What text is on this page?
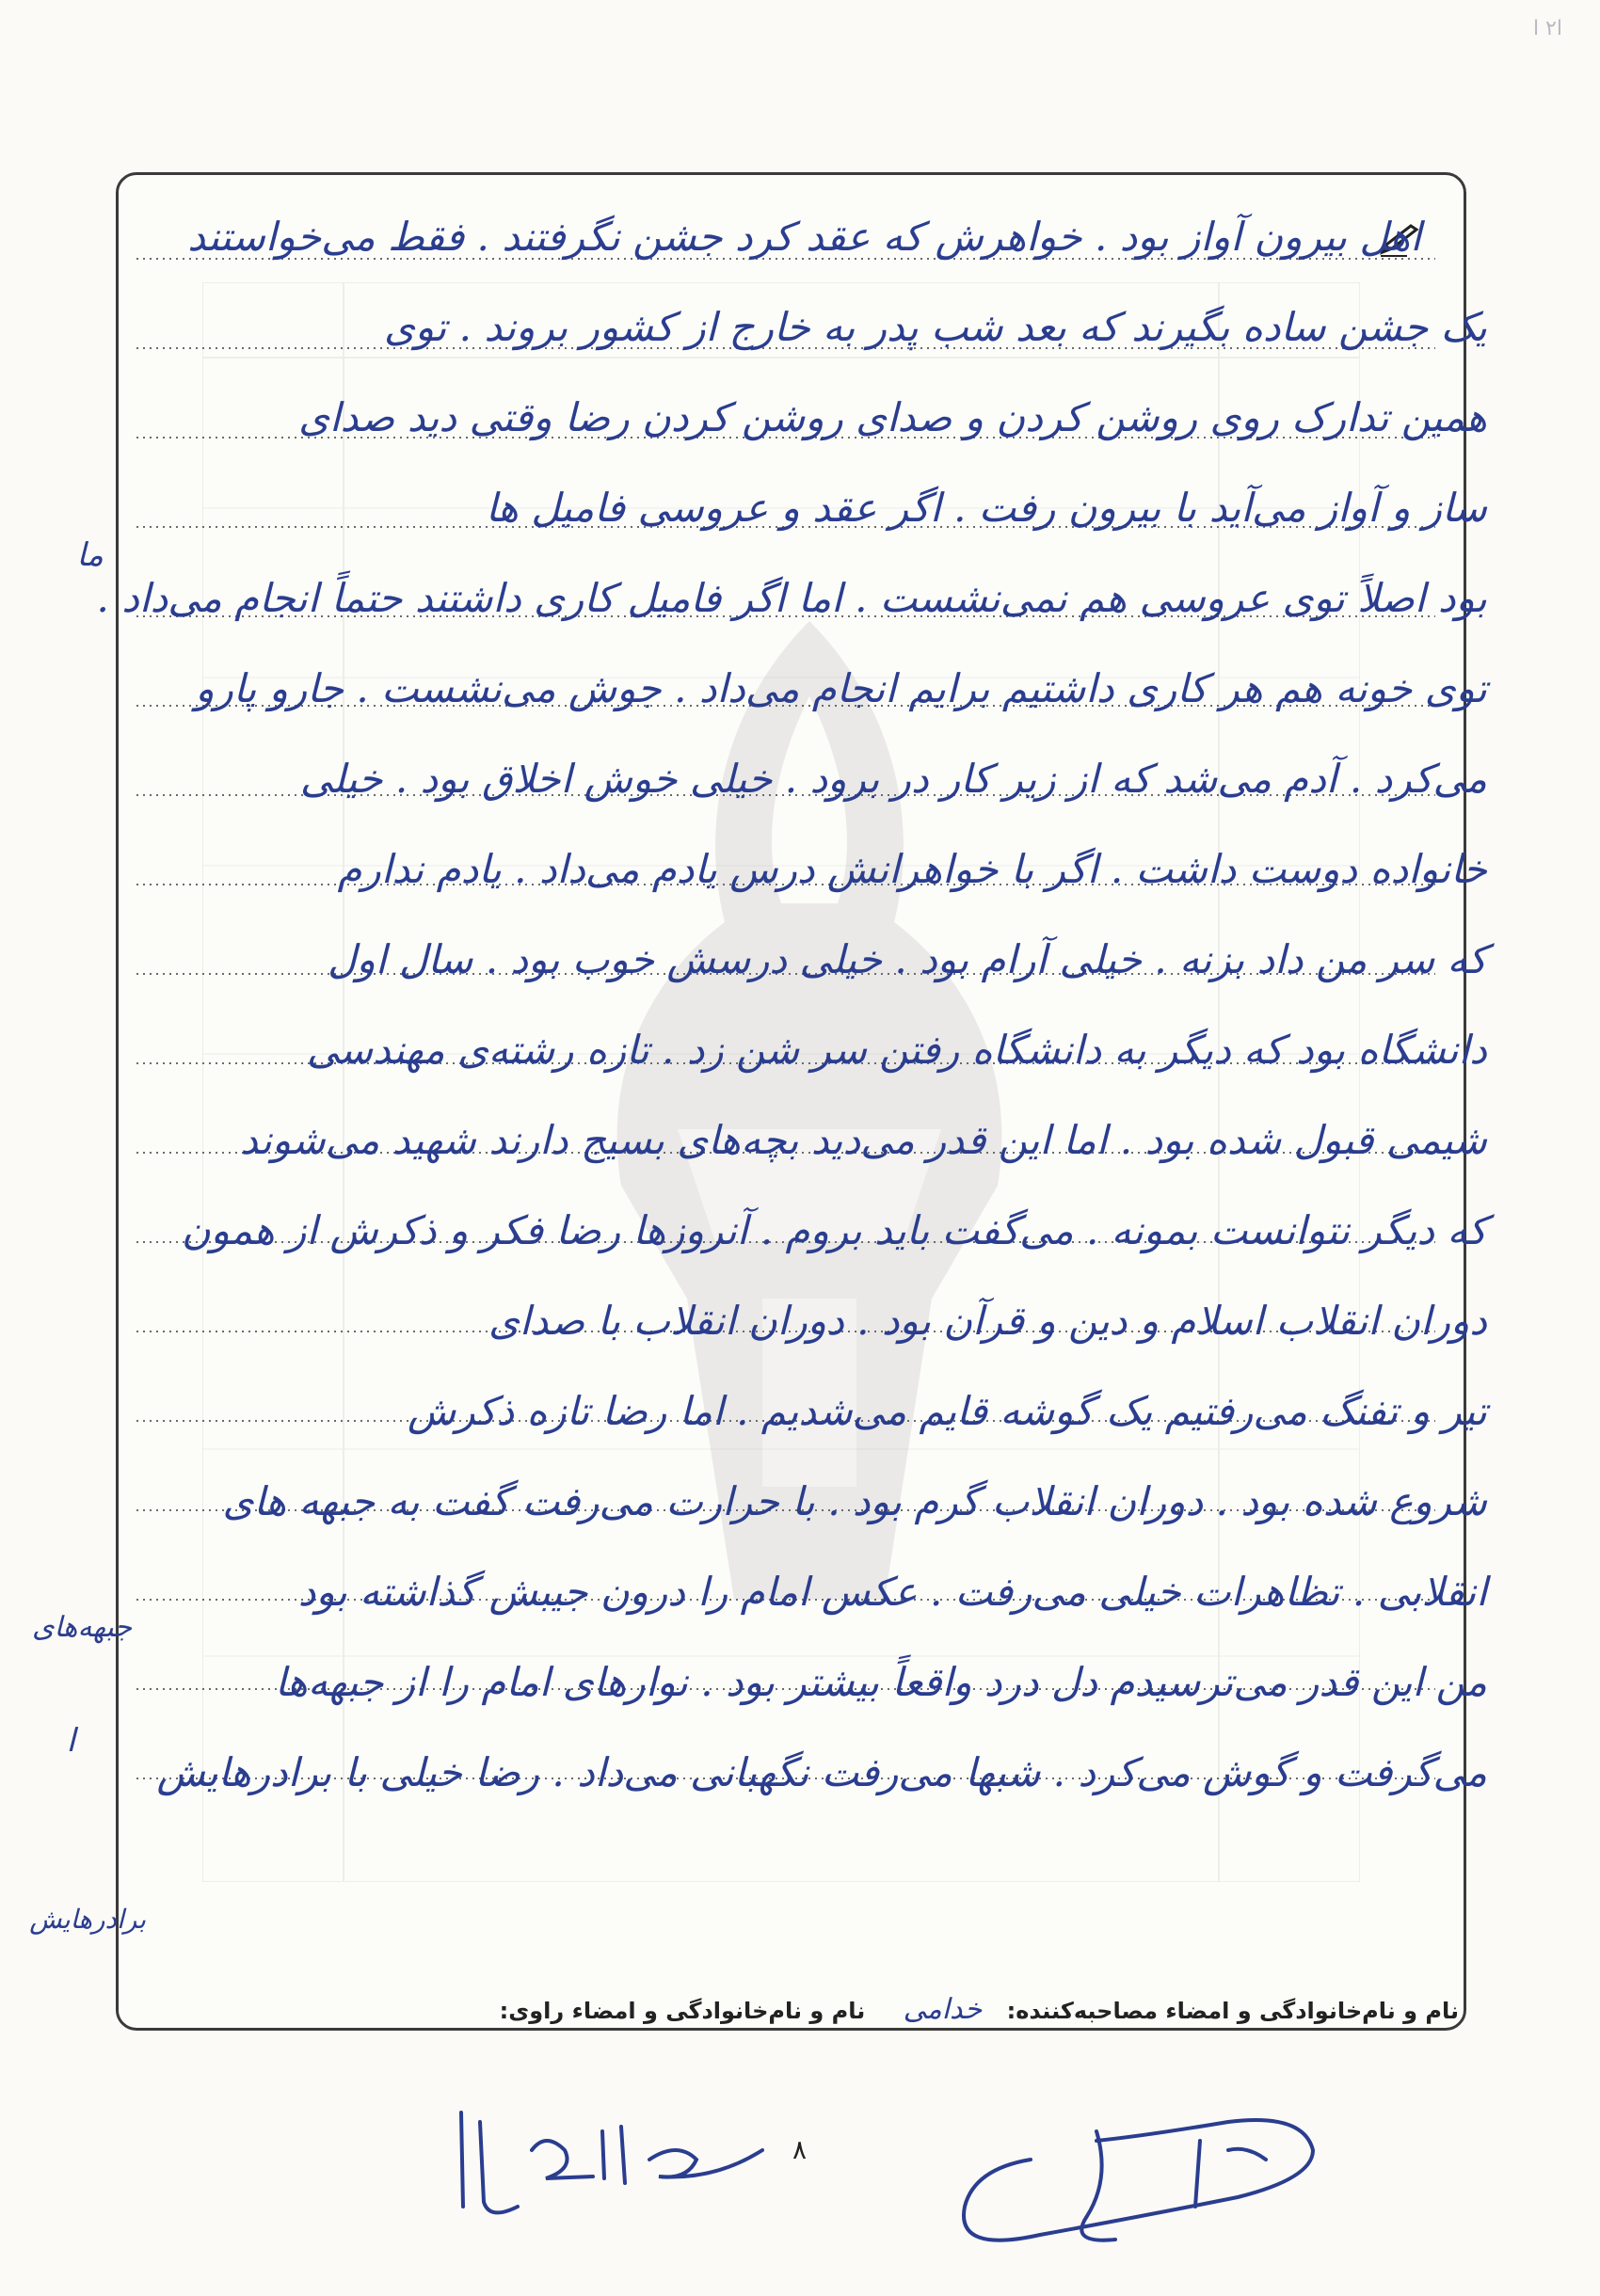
ﺍ۲ ﺍ
اهل بیرون آواز بود . خواهرش که عقد کرد جشن نگرفتند . فقط می‌خواستند
یک جشن ساده بگیرند که بعد شب پدر به خارج از کشور بروند . توی
همین تدارک روی روشن کردن و صدای روشن کردن رضا وقتی دید صدای
ساز و آواز می‌آید با بیرون رفت . اگر عقد و عروسی فامیل ها
بود اصلاً توی عروسی هم نمی‌نشست . اما اگر فامیل کاری داشتند حتماً انجام می‌داد .
توی خونه هم هر کاری داشتیم برایم انجام می‌داد . جوش می‌نشست . جارو پارو
می‌کرد . آدم می‌شد که از زیر کار در برود . خیلی خوش اخلاق بود . خیلی
خانواده دوست داشت . اگر با خواهرانش درس یادم می‌داد . یادم ندارم
که سر من داد بزنه . خیلی آرام بود . خیلی درسش خوب بود . سال اول
دانشگاه بود که دیگر به دانشگاه رفتن سر شن زد . تازه رشته‌ی مهندسی
شیمی قبول شده بود . اما این قدر می‌دید بچه‌های بسیج دارند شهید می‌شوند
که دیگر نتوانست بمونه . می‌گفت باید بروم . آنروزها رضا فکر و ذکرش از همون
دوران انقلاب اسلام و دین و قرآن بود . دوران انقلاب با صدای
تیر و تفنگ می‌رفتیم یک گوشه قایم می‌شدیم . اما رضا تازه ذکرش
شروع شده بود . دوران انقلاب گرم بود . با حرارت می‌رفت گفت به جبهه های
انقلابی . تظاهرات خیلی می‌رفت . عکس امام را درون جیبش گذاشته بود
من این قدر می‌ترسیدم دل درد واقعاً بیشتر بود . نوارهای امام را از جبهه‌ها
می‌گرفت و گوش می‌کرد . شبها می‌رفت نگهبانی می‌داد . رضا خیلی با برادرهایش
ما
جبهه‌های
ا
برادرهایش
نام و نام‌خانوادگی و امضاء مصاحبه‌کننده: خدامی نام و نام‌خانوادگی و امضاء راوی:
۸
